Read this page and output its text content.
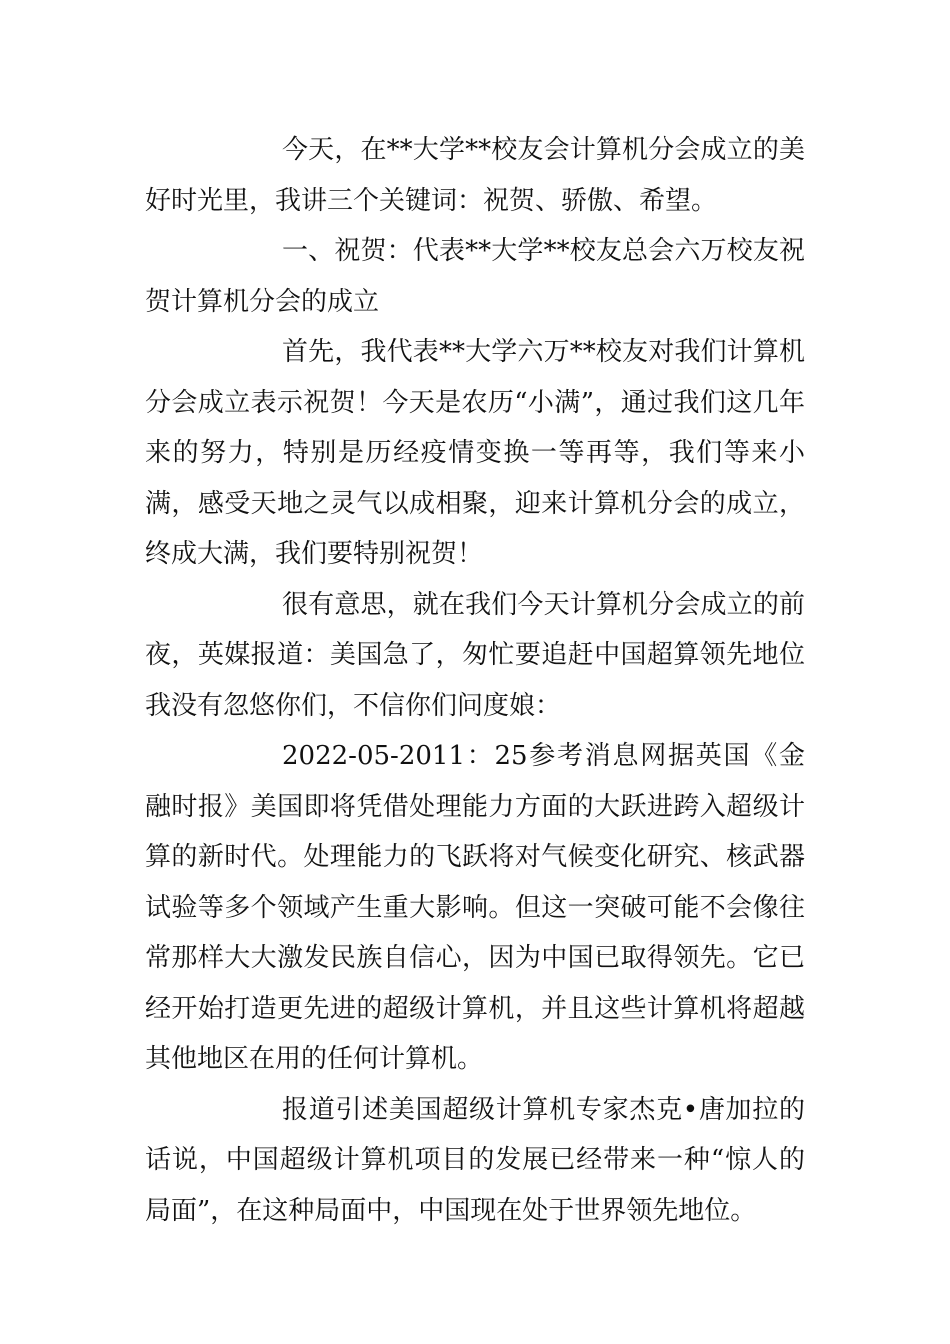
今天，在**大学**校友会计算机分会成立的美好时光里，我讲三个关键词：祝贺、骄傲、希望。

一、祝贺：代表**大学**校友总会六万校友祝贺计算机分会的成立

首先，我代表**大学六万**校友对我们计算机分会成立表示祝贺！今天是农历“小满”，通过我们这几年来的努力，特别是历经疫情变换一等再等，我们等来小满，感受天地之灵气以成相聚，迎来计算机分会的成立，终成大满，我们要特别祝贺！

很有意思，就在我们今天计算机分会成立的前夜，英媒报道：美国急了，匆忙要追赶中国超算领先地位我没有忽悠你们，不信你们问度娘：

2022-05-2011：25参考消息网据英国《金融时报》美国即将凭借处理能力方面的大跃进跨入超级计算的新时代。处理能力的飞跃将对气候变化研究、核武器试验等多个领域产生重大影响。但这一突破可能不会像往常那样大大激发民族自信心，因为中国已取得领先。它已经开始打造更先进的超级计算机，并且这些计算机将超越其他地区在用的任何计算机。

报道引述美国超级计算机专家杰克•唐加拉的话说，中国超级计算机项目的发展已经带来一种“惊人的局面”，在这种局面中，中国现在处于世界领先地位。
